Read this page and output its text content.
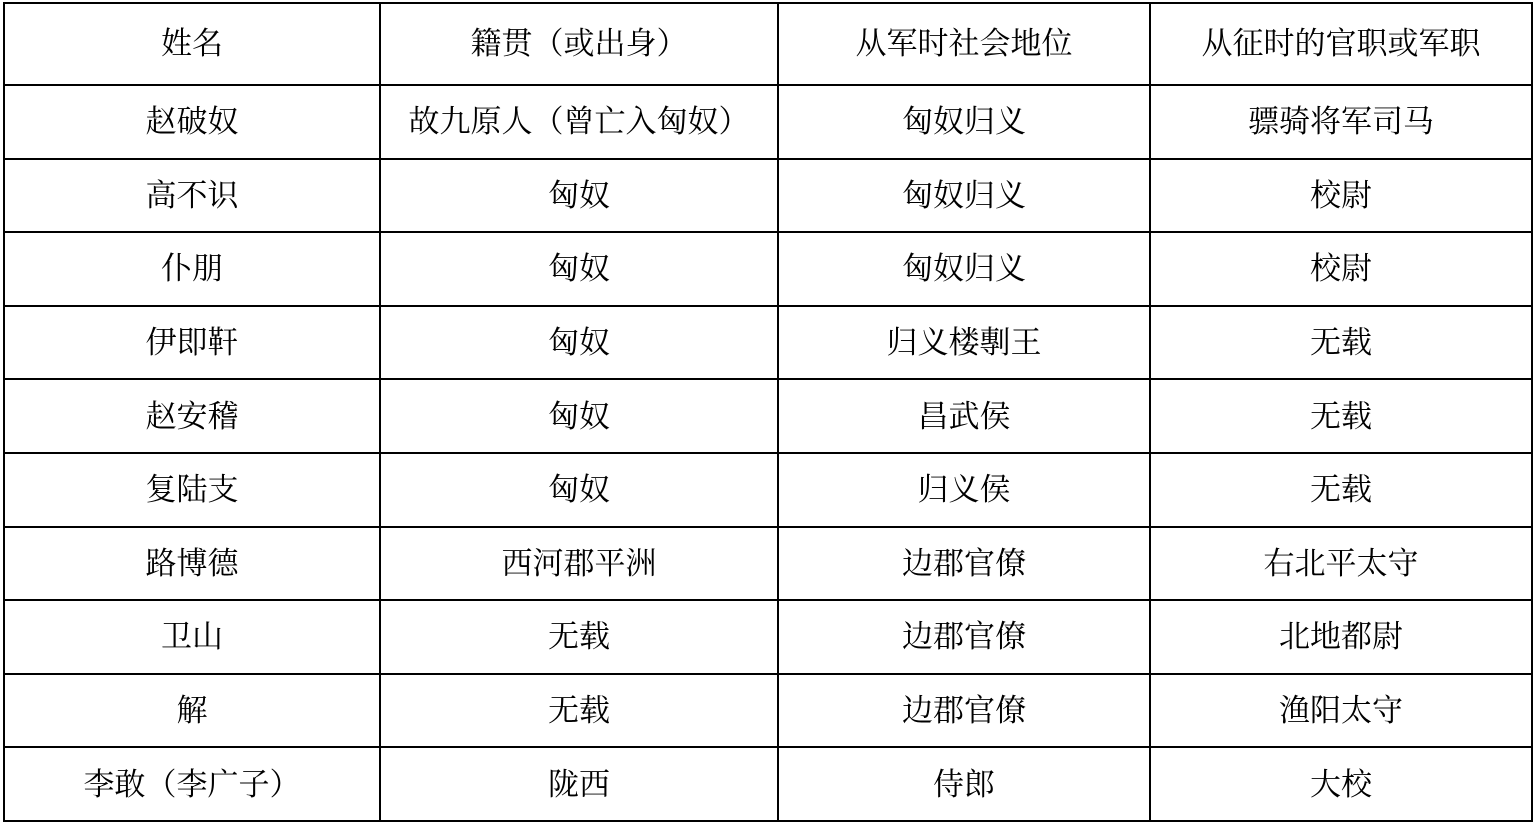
姓名	籍贯（或出身）	从军时社会地位	从征时的官职或军职
赵破奴	故九原人（曾亡入匈奴）	匈奴归义	骠骑将军司马
高不识	匈奴	匈奴归义	校尉
仆朋	匈奴	匈奴归义	校尉
伊即靬	匈奴	归义楼剸王	无载
赵安稽	匈奴	昌武侯	无载
复陆支	匈奴	归义侯	无载
路博德	西河郡平洲	边郡官僚	右北平太守
卫山	无载	边郡官僚	北地都尉
解	无载	边郡官僚	渔阳太守
李敢（李广子）	陇西	侍郎	大校
